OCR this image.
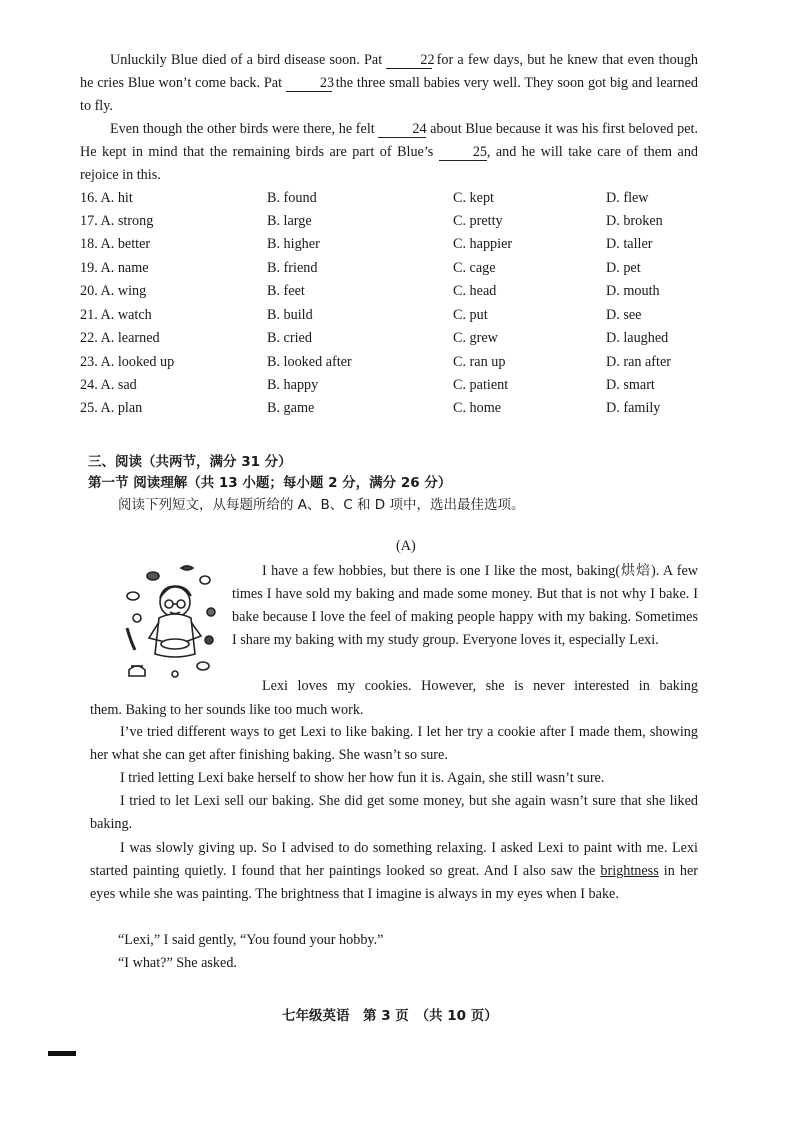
Unluckily Blue died of a bird disease soon. Pat	22 for a few days, but he knew that even though he cries Blue won’t come back. Pat	23 the three small babies very well. They soon got big and learned to fly.

Even though the other birds were there, he felt	24 about Blue because it was his first beloved pet. He kept in mind that the remaining birds are part of Blue’s	25, and he will take care of them and rejoice in this.

16. A. hit	B. found	C. kept	D. flew
17. A. strong	B. large	C. pretty	D. broken
18. A. better	B. higher	C. happier	D. taller
19. A. name	B. friend	C. cage	D. pet
20. A. wing	B. feet	C. head	D. mouth
21. A. watch	B. build	C. put	D. see
22. A. learned	B. cried	C. grew	D. laughed
23. A. looked up	B. looked after	C. ran up	D. ran after
24. A. sad	B. happy	C. patient	D. smart
25. A. plan	B. game	C. home	D. family
三、阅读（共两节，满分 31 分）
第一节 阅读理解（共 13 小题；每小题 2 分，满分 26 分）
阅读下列短文，从每题所给的 A、B、C 和 D 项中，选出最佳选项。
(A)

I have a few hobbies, but there is one I like the most, baking(烘焙). A few times I have sold my baking and made some money. But that is not why I bake. I bake because I love the feel of making people happy with my baking. Sometimes I share my baking with my study group. Everyone loves it, especially Lexi.

Lexi loves my cookies. However, she is never interested in baking
them. Baking to her sounds like too much work.

I’ve tried different ways to get Lexi to like baking. I let her try a cookie after I made them, showing her what she can get after finishing baking. She wasn’t so sure.

I tried letting Lexi bake herself to show her how fun it is. Again, she still wasn’t sure.

I tried to let Lexi sell our baking. She did get some money, but she again wasn’t sure that she liked baking.

I was slowly giving up. So I advised to do something relaxing. I asked Lexi to paint with me. Lexi started painting quietly. I found that her paintings looked so great. And I also saw the brightness in her eyes while she was painting. The brightness that I imagine is always in my eyes when I bake.

“Lexi,” I said gently, “You found your hobby.”

“I what?” She asked.

七年级英语　第 3 页　（共 10 页）
